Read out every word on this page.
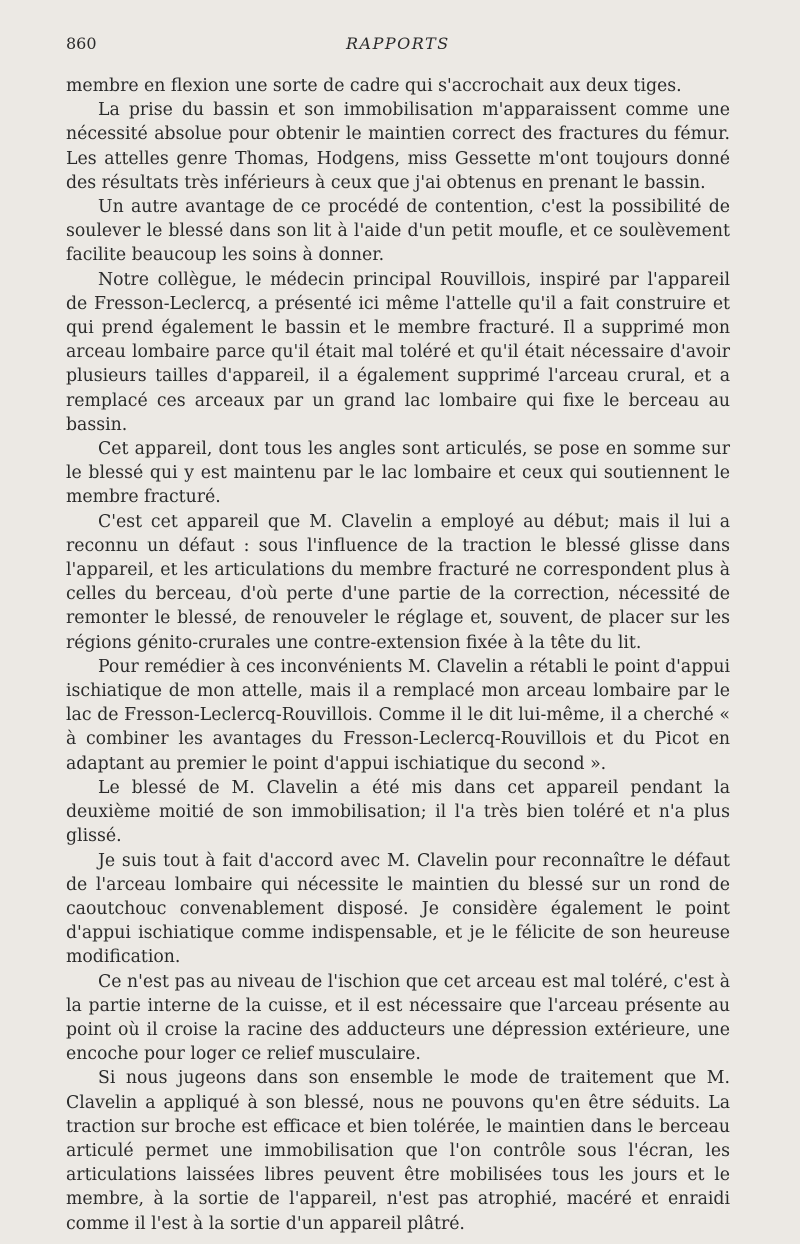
860	RAPPORTS

membre en flexion une sorte de cadre qui s'accrochait aux deux tiges.

La prise du bassin et son immobilisation m'apparaissent comme une nécessité absolue pour obtenir le maintien correct des fractures du fémur. Les attelles genre Thomas, Hodgens, miss Gessette m'ont toujours donné des résultats très inférieurs à ceux que j'ai obtenus en prenant le bassin.

Un autre avantage de ce procédé de contention, c'est la possibilité de soulever le blessé dans son lit à l'aide d'un petit moufle, et ce soulèvement facilite beaucoup les soins à donner.

Notre collègue, le médecin principal Rouvillois, inspiré par l'appareil de Fresson-Leclercq, a présenté ici même l'attelle qu'il a fait construire et qui prend également le bassin et le membre fracturé. Il a supprimé mon arceau lombaire parce qu'il était mal toléré et qu'il était nécessaire d'avoir plusieurs tailles d'appareil, il a également supprimé l'arceau crural, et a remplacé ces arceaux par un grand lac lombaire qui fixe le berceau au bassin.

Cet appareil, dont tous les angles sont articulés, se pose en somme sur le blessé qui y est maintenu par le lac lombaire et ceux qui soutiennent le membre fracturé.

C'est cet appareil que M. Clavelin a employé au début; mais il lui a reconnu un défaut : sous l'influence de la traction le blessé glisse dans l'appareil, et les articulations du membre fracturé ne correspondent plus à celles du berceau, d'où perte d'une partie de la correction, nécessité de remonter le blessé, de renouveler le réglage et, souvent, de placer sur les régions génito-crurales une contre-extension fixée à la tête du lit.

Pour remédier à ces inconvénients M. Clavelin a rétabli le point d'appui ischiatique de mon attelle, mais il a remplacé mon arceau lombaire par le lac de Fresson-Leclercq-Rouvillois. Comme il le dit lui-même, il a cherché « à combiner les avantages du Fresson-Leclercq-Rouvillois et du Picot en adaptant au premier le point d'appui ischiatique du second ».

Le blessé de M. Clavelin a été mis dans cet appareil pendant la deuxième moitié de son immobilisation; il l'a très bien toléré et n'a plus glissé.

Je suis tout à fait d'accord avec M. Clavelin pour reconnaître le défaut de l'arceau lombaire qui nécessite le maintien du blessé sur un rond de caoutchouc convenablement disposé. Je considère également le point d'appui ischiatique comme indispensable, et je le félicite de son heureuse modification.

Ce n'est pas au niveau de l'ischion que cet arceau est mal toléré, c'est à la partie interne de la cuisse, et il est nécessaire que l'arceau présente au point où il croise la racine des adducteurs une dépression extérieure, une encoche pour loger ce relief musculaire.

Si nous jugeons dans son ensemble le mode de traitement que M. Clavelin a appliqué à son blessé, nous ne pouvons qu'en être séduits. La traction sur broche est efficace et bien tolérée, le maintien dans le berceau articulé permet une immobilisation que l'on contrôle sous l'écran, les articulations laissées libres peuvent être mobilisées tous les jours et le membre, à la sortie de l'appareil, n'est pas atrophié, macéré et enraidi comme il l'est à la sortie d'un appareil plâtré.
